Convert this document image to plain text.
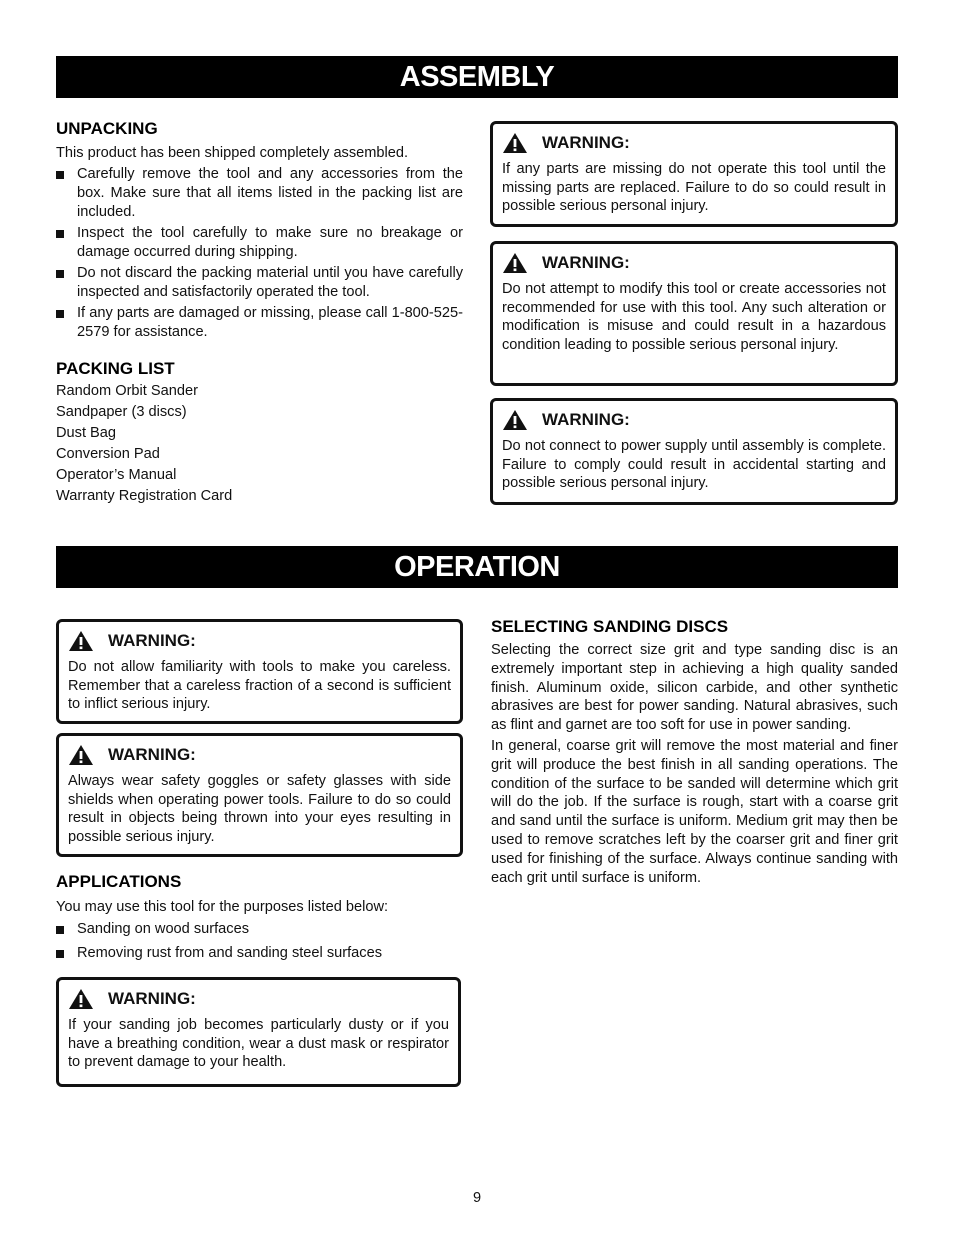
ASSEMBLY
UNPACKING

This product has been shipped completely assembled.

Carefully remove the tool and any accessories from the box. Make sure that all items listed in the packing list are included.
Inspect the tool carefully to make sure no breakage or damage occurred during shipping.
Do not discard the packing material until you have carefully inspected and satisfactorily operated the tool.
If any parts are damaged or missing, please call 1-800-525-2579 for assistance.
PACKING LIST
Random Orbit Sander
Sandpaper (3 discs)
Dust Bag
Conversion Pad
Operator’s Manual
Warranty Registration Card
WARNING:

If any parts are missing do not operate this tool until the missing parts are replaced. Failure to do so could result in possible serious personal injury.

WARNING:

Do not attempt to modify this tool or create accessories not recommended for use with this tool. Any such alteration or modification is misuse and could result in a hazardous condition leading to possible serious personal injury.

WARNING:

Do not connect to power supply until assembly is complete. Failure to comply could result in accidental starting and possible serious personal injury.

OPERATION
WARNING:

Do not allow familiarity with tools to make you careless. Remember that a careless fraction of a second is sufficient to inflict serious injury.

WARNING:

Always wear safety goggles or safety glasses with side shields when operating power tools. Failure to do so could result in objects being thrown into your eyes resulting in possible serious injury.

APPLICATIONS

You may use this tool for the purposes listed below:

Sanding on wood surfaces
Removing rust from and sanding steel surfaces
WARNING:

If your sanding job becomes particularly dusty or if you have a breathing condition, wear a dust mask or respirator to prevent damage to your health.

SELECTING SANDING DISCS

Selecting the correct size grit and type sanding disc is an extremely important step in achieving a high quality sanded finish. Aluminum oxide, silicon carbide, and other synthetic abrasives are best for power sanding. Natural abrasives, such as flint and garnet are too soft for use in power sanding.

In general, coarse grit will remove the most material and finer grit will produce the best finish in all sanding operations. The condition of the surface to be sanded will determine which grit will do the job. If the surface is rough, start with a coarse grit and sand until the surface is uniform. Medium grit may then be used to remove scratches left by the coarser grit and finer grit used for finishing of the surface. Always continue sanding with each grit until surface is uniform.

9
